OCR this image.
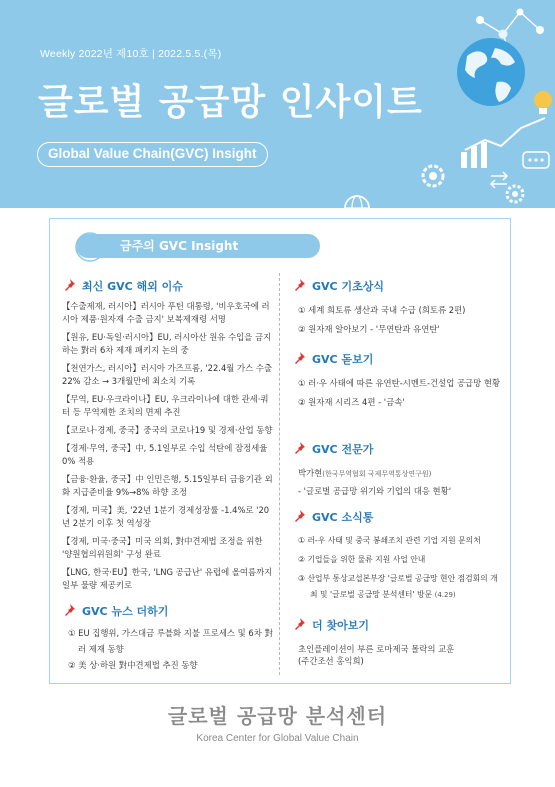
Weekly 2022년 제10호 | 2022.5.5.(목)
글로벌 공급망 인사이트
Global Value Chain(GVC) Insight
금주의 GVC Insight
최신 GVC 해외 이슈
【수출제재, 러시아】러시아 푸틴 대통령, '비우호국에 러시아 제품·원자재 수출 금지' 보복제재령 서명
【원유, EU·독일·러시아】EU, 러시아산 원유 수입을 금지하는 對러 6차 제재 패키지 논의 중
【천연가스, 러시아】러시아 가즈프롬, '22.4월 가스 수출 22% 감소 → 3개월만에 최소치 기록
【무역, EU·우크라이나】EU, 우크라이나에 대한 관세·쿼터 등 무역제한 조치의 면제 추진
【코로나·경제, 중국】중국의 코로나19 및 경제·산업 동향
【경제·무역, 중국】中, 5.1일부로 수입 석탄에 잠정세율 0% 적용
【금융·환율, 중국】中 인민은행, 5.15일부터 금융기관 외화 지급준비율 9%→8% 하향 조정
【경제, 미국】美, '22년 1분기 경제성장률 -1.4%로 '20년 2분기 이후 첫 역성장
【경제, 미국·중국】미국 의회, 對中견제법 조정을 위한 '양원협의위원회' 구성 완료
【LNG, 한국·EU】한국, 'LNG 공급난' 유럽에 올여름까지 일부 물량 제공키로
GVC 뉴스 더하기
① EU 집행위, 가스대금 루블화 지불 프로세스 및 6차 對러 제재 동향
② 美 상·하원 對中견제법 추진 동향
GVC 기초상식
① 세계 희토류 생산과 국내 수급 (희토류 2편)
② 원자재 알아보기 - '무연탄과 유연탄'
GVC 돋보기
① 러·우 사태에 따른 유연탄-시멘트-건설업 공급망 현황
② 원자재 시리즈 4편 - '금속'
GVC 전문가
박가현(한국무역협회 국제무역통상연구원)
- '글로벌 공급망 위기와 기업의 대응 현황'
GVC 소식통
① 러-우 사태 및 중국 봉쇄조치 관련 기업 지원 문의처
② 기업들을 위한 물류 지원 사업 안내
③ 산업부 통상교섭본부장 '글로벌 공급망 현안 점검회의 개최 및 '글로벌 공급망 분석센터' 방문 (4.29)
더 찾아보기
초인플레이션이 부른 로마제국 몰락의 교훈
(주간조선 홍익희)
글로벌 공급망 분석센터
Korea Center for Global Value Chain
